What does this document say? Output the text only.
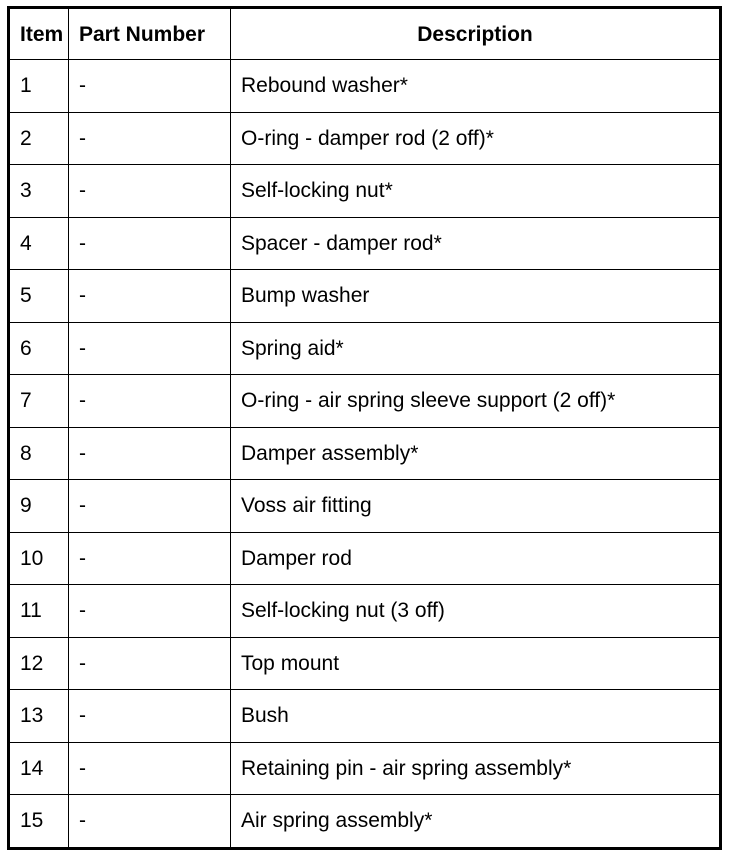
Item	Part Number	Description
1	-	Rebound washer*
2	-	O-ring - damper rod (2 off)*
3	-	Self-locking nut*
4	-	Spacer - damper rod*
5	-	Bump washer
6	-	Spring aid*
7	-	O-ring - air spring sleeve support (2 off)*
8	-	Damper assembly*
9	-	Voss air fitting
10	-	Damper rod
11	-	Self-locking nut (3 off)
12	-	Top mount
13	-	Bush
14	-	Retaining pin - air spring assembly*
15	-	Air spring assembly*
